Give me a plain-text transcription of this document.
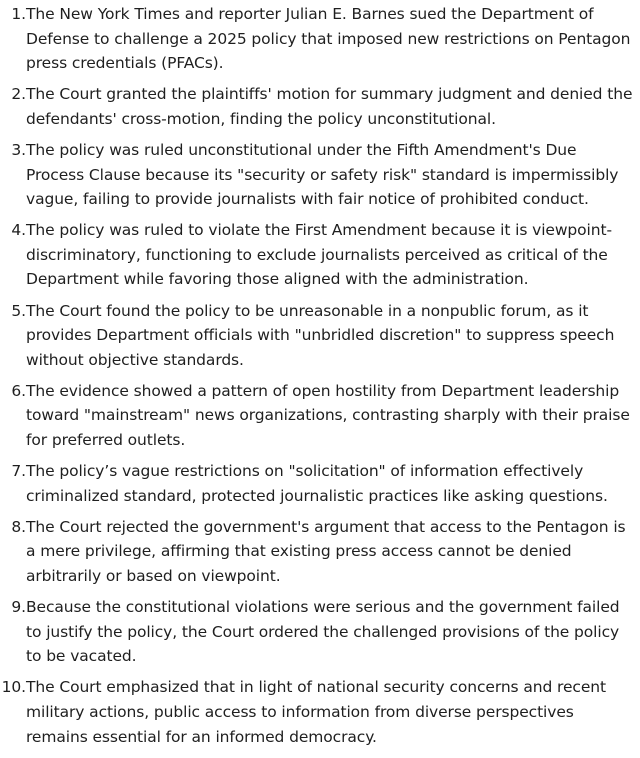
1. The New York Times and reporter Julian E. Barnes sued the Department of Defense to challenge a 2025 policy that imposed new restrictions on Pentagon press credentials (PFACs).
2. The Court granted the plaintiffs' motion for summary judgment and denied the defendants' cross-motion, finding the policy unconstitutional.
3. The policy was ruled unconstitutional under the Fifth Amendment's Due Process Clause because its "security or safety risk" standard is impermissibly vague, failing to provide journalists with fair notice of prohibited conduct.
4. The policy was ruled to violate the First Amendment because it is viewpoint-discriminatory, functioning to exclude journalists perceived as critical of the Department while favoring those aligned with the administration.
5. The Court found the policy to be unreasonable in a nonpublic forum, as it provides Department officials with "unbridled discretion" to suppress speech without objective standards.
6. The evidence showed a pattern of open hostility from Department leadership toward "mainstream" news organizations, contrasting sharply with their praise for preferred outlets.
7. The policy’s vague restrictions on "solicitation" of information effectively criminalized standard, protected journalistic practices like asking questions.
8. The Court rejected the government's argument that access to the Pentagon is a mere privilege, affirming that existing press access cannot be denied arbitrarily or based on viewpoint.
9. Because the constitutional violations were serious and the government failed to justify the policy, the Court ordered the challenged provisions of the policy to be vacated.
10. The Court emphasized that in light of national security concerns and recent military actions, public access to information from diverse perspectives remains essential for an informed democracy.
